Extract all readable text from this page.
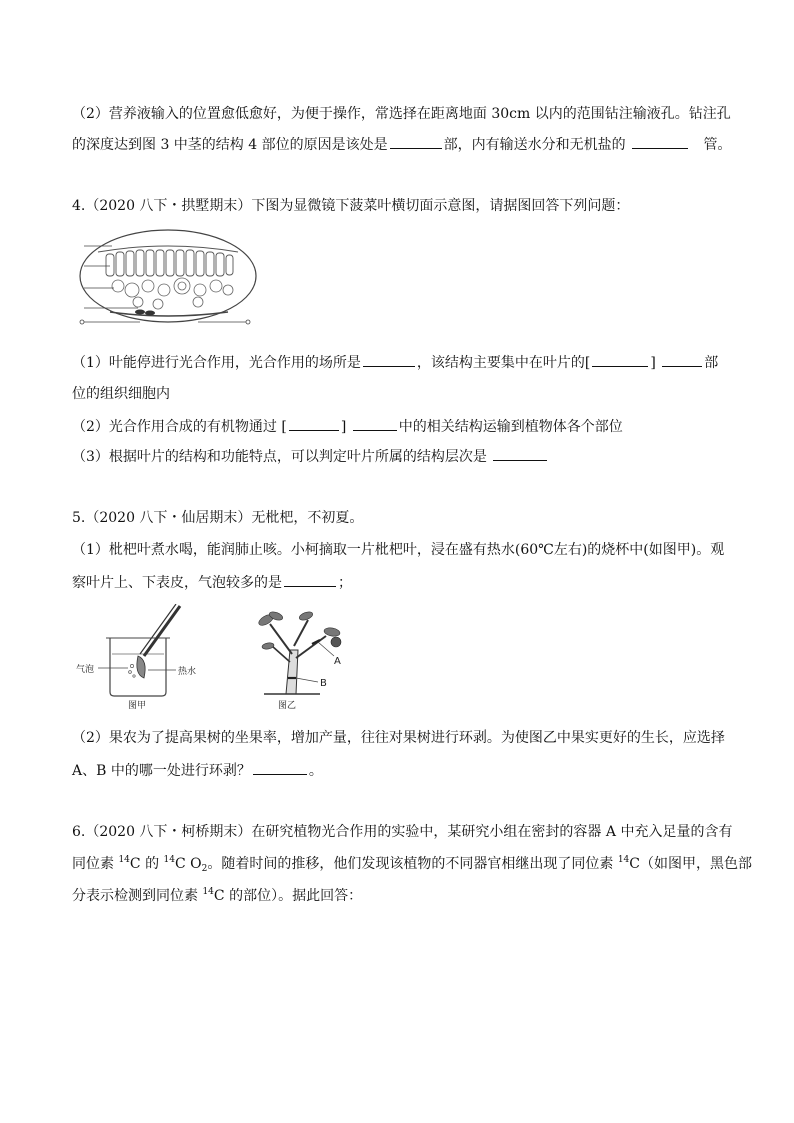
（2）营养液输入的位置愈低愈好，为便于操作，常选择在距离地面 30cm 以内的范围钻注输液孔。钻注孔
的深度达到图 3 中茎的结构 4 部位的原因是该处是	部，内有输送水分和无机盐的	管。
4.（2020 八下・拱墅期末）下图为显微镜下菠菜叶横切面示意图，请据图回答下列问题：
（1）叶能停进行光合作用，光合作用的场所是	，该结构主要集中在叶片的[	]	部
位的组织细胞内
（2）光合作用合成的有机物通过 [	]	中的相关结构运输到植物体各个部位
（3）根据叶片的结构和功能特点，可以判定叶片所属的结构层次是
5.（2020 八下・仙居期末）无枇杷，不初夏。
（1）枇杷叶煮水喝，能润肺止咳。小柯摘取一片枇杷叶，浸在盛有热水(60℃左右)的烧杯中(如图甲)。观
察叶片上、下表皮，气泡较多的是	；
气泡	热水
图甲
A
B
图乙
（2）果农为了提高果树的坐果率，增加产量，往往对果树进行环剥。为使图乙中果实更好的生长，应选择
A、B 中的哪一处进行环剥？	。
6.（2020 八下・柯桥期末）在研究植物光合作用的实验中，某研究小组在密封的容器 A 中充入足量的含有
同位素 $^{14}$C 的 $^{14}$C $O_2$。随着时间的推移，他们发现该植物的不同器官相继出现了同位素 $^{14}$C（如图甲，黑色部
分表示检测到同位素 $^{14}$C 的部位）。据此回答：
